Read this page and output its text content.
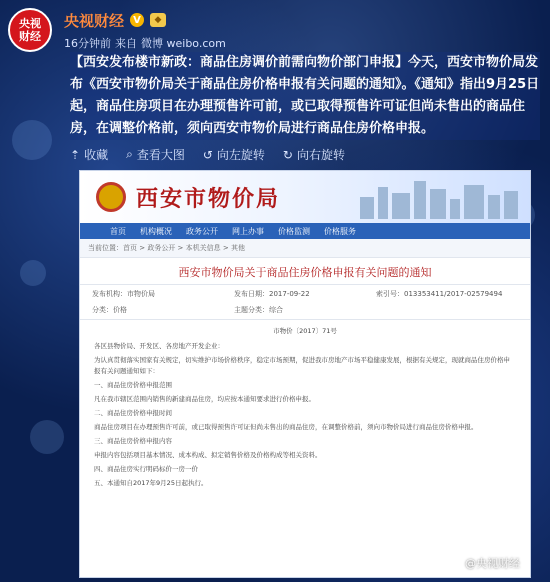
央视
财经
央视财经 V	◆
16分钟前 来自 微博 weibo.com
【西安发布楼市新政：商品住房调价前需向物价部门申报】今天，西安市物价局发布《西安市物价局关于商品住房价格申报有关问题的通知》。《通知》指出9月25日起，商品住房项目在办理预售许可前，或已取得预售许可证但尚未售出的商品住房，在调整价格前，须向西安市物价局进行商品住房价格申报。
⇡ 收藏 ⌕ 查看大图 ↺ 向左旋转 ↻ 向右旋转
西安市物价局
首页 机构概况 政务公开 网上办事 价格监测 价格服务
当前位置：首页 > 政务公开 > 本机关信息 > 其他
西安市物价局关于商品住房价格申报有关问题的通知
发布机构：市物价局	发布日期：2017-09-22	索引号：013353411/2017-02579494
分类：价格	主题分类：综合

市物价〔2017〕71号

各区县物价局、开发区、各房地产开发企业：

为认真贯彻落实国家有关规定，切实维护市场价格秩序，稳定市场预期，促进我市房地产市场平稳健康发展，根据有关规定，现就商品住房价格申报有关问题通知如下：

一、商品住房价格申报范围

凡在我市辖区范围内销售的新建商品住房，均应按本通知要求进行价格申报。

二、商品住房价格申报时间

商品住房项目在办理预售许可前，或已取得预售许可证但尚未售出的商品住房，在调整价格前，须向市物价局进行商品住房价格申报。

三、商品住房价格申报内容

申报内容包括项目基本情况、成本构成、拟定销售价格及价格构成等相关资料。

四、商品住房实行明码标价一房一价

五、本通知自2017年9月25日起执行。

@央视财经
